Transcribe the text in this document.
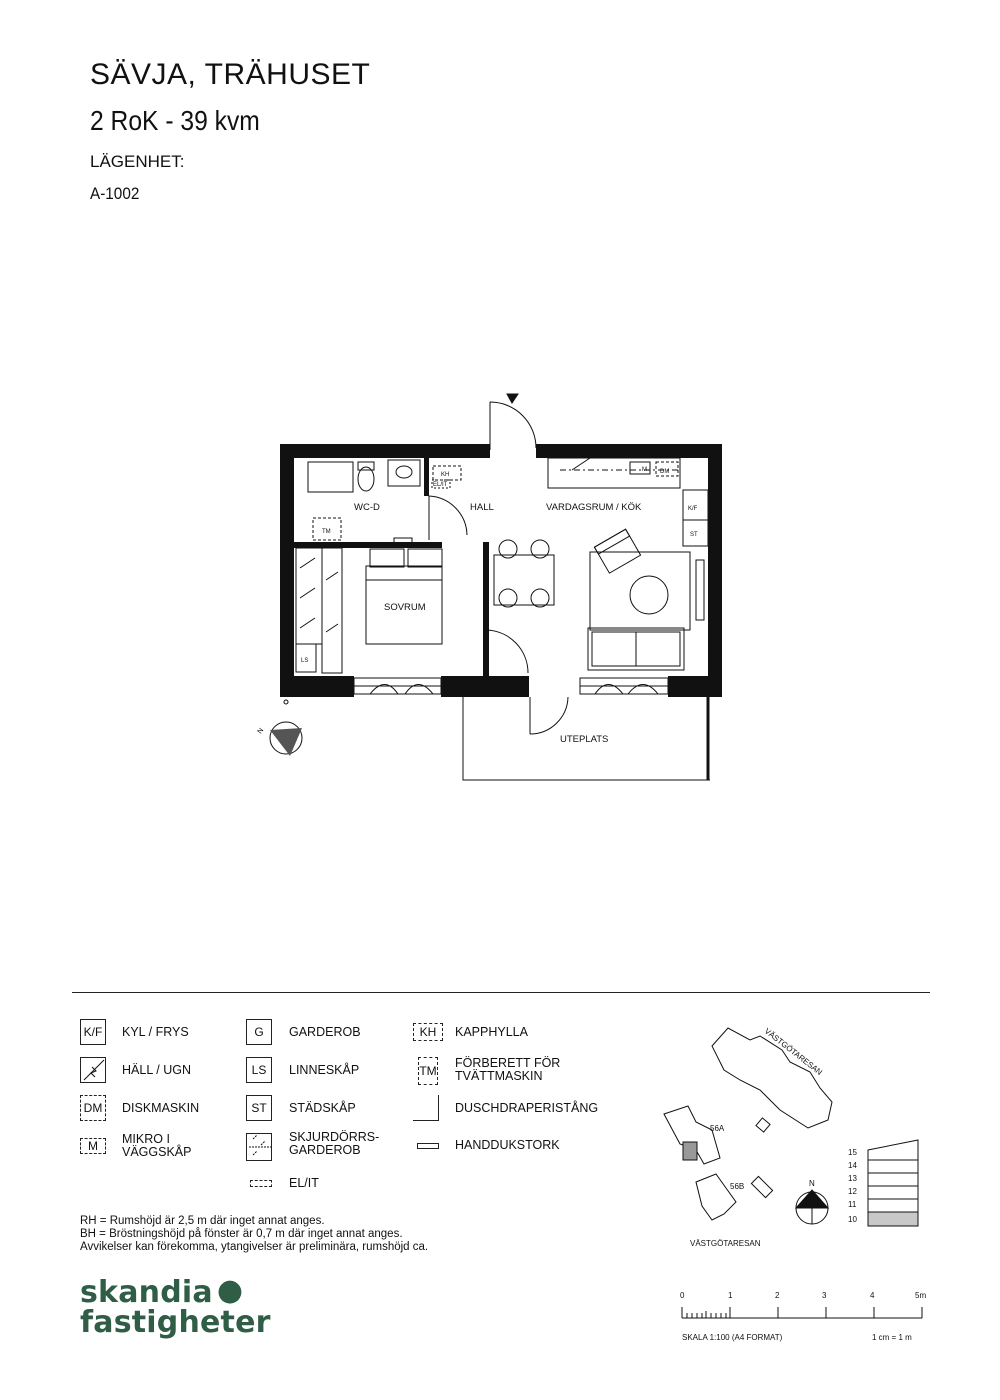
SÄVJA, TRÄHUSET
2 RoK - 39 kvm
LÄGENHET:
A-1002
WC-D	HALL	VARDAGSRUM / KÖK
SOVRUM
UTEPLATS
KH
EL/IT
K/F
ST
TM
LS
M DM
N
K/F KYL / FRYS
HÄLL / UGN
DM DISKMASKIN
M MIKRO I
VÄGGSKÅP
G GARDEROB
LS LINNESKÅP
ST STÄDSKÅP
SKJURDÖRRS-
GARDEROB
EL/IT
KH KAPPHYLLA
TM
FÖRBERETT FÖR
TVÄTTMASKIN
DUSCHDRAPERISTÅNG
HANDDUKSTORK
RH = Rumshöjd är 2,5 m där inget annat anges.
BH = Bröstningshöjd på fönster är 0,7 m där inget annat anges.
Avvikelser kan förekomma, ytangivelser är preliminära, rumshöjd ca.
skandia ●
fastigheter
VÄSTGÖTARESAN
VÄSTGÖTARESAN
56A
56B	N
15
14
13
12
11
10
0	1	2	3	4	5m
SKALA 1:100 (A4 FORMAT)	1 cm = 1 m
